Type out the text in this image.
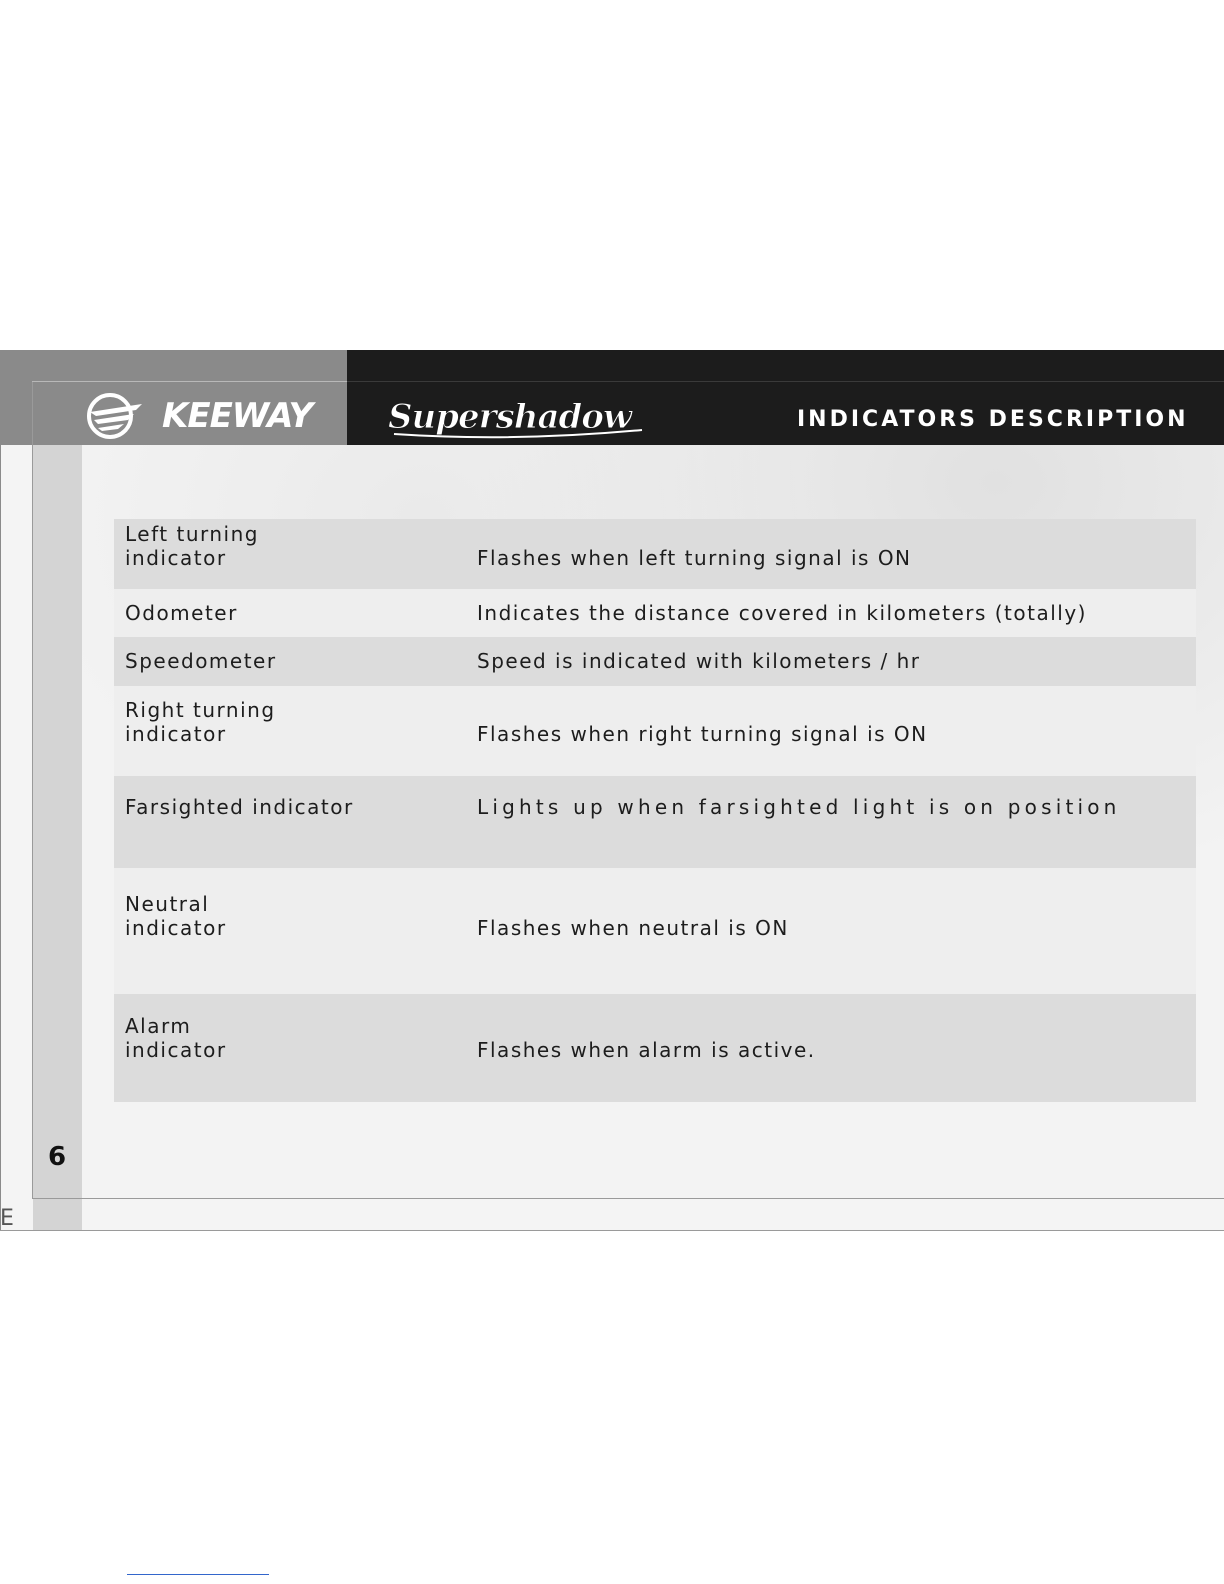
KEEWAY Supershadow	INDICATORS DESCRIPTION
Left turning
indicator	Flashes when left turning signal is ON
Odometer	Indicates the distance covered in kilometers (totally)
Speedometer	Speed is indicated with kilometers / hr
Right turning
indicator	Flashes when right turning signal is ON
Farsighted indicator	Lights up when farsighted light is on position
Neutral
indicator	Flashes when neutral is ON
Alarm
indicator	Flashes when alarm is active.
6
E
